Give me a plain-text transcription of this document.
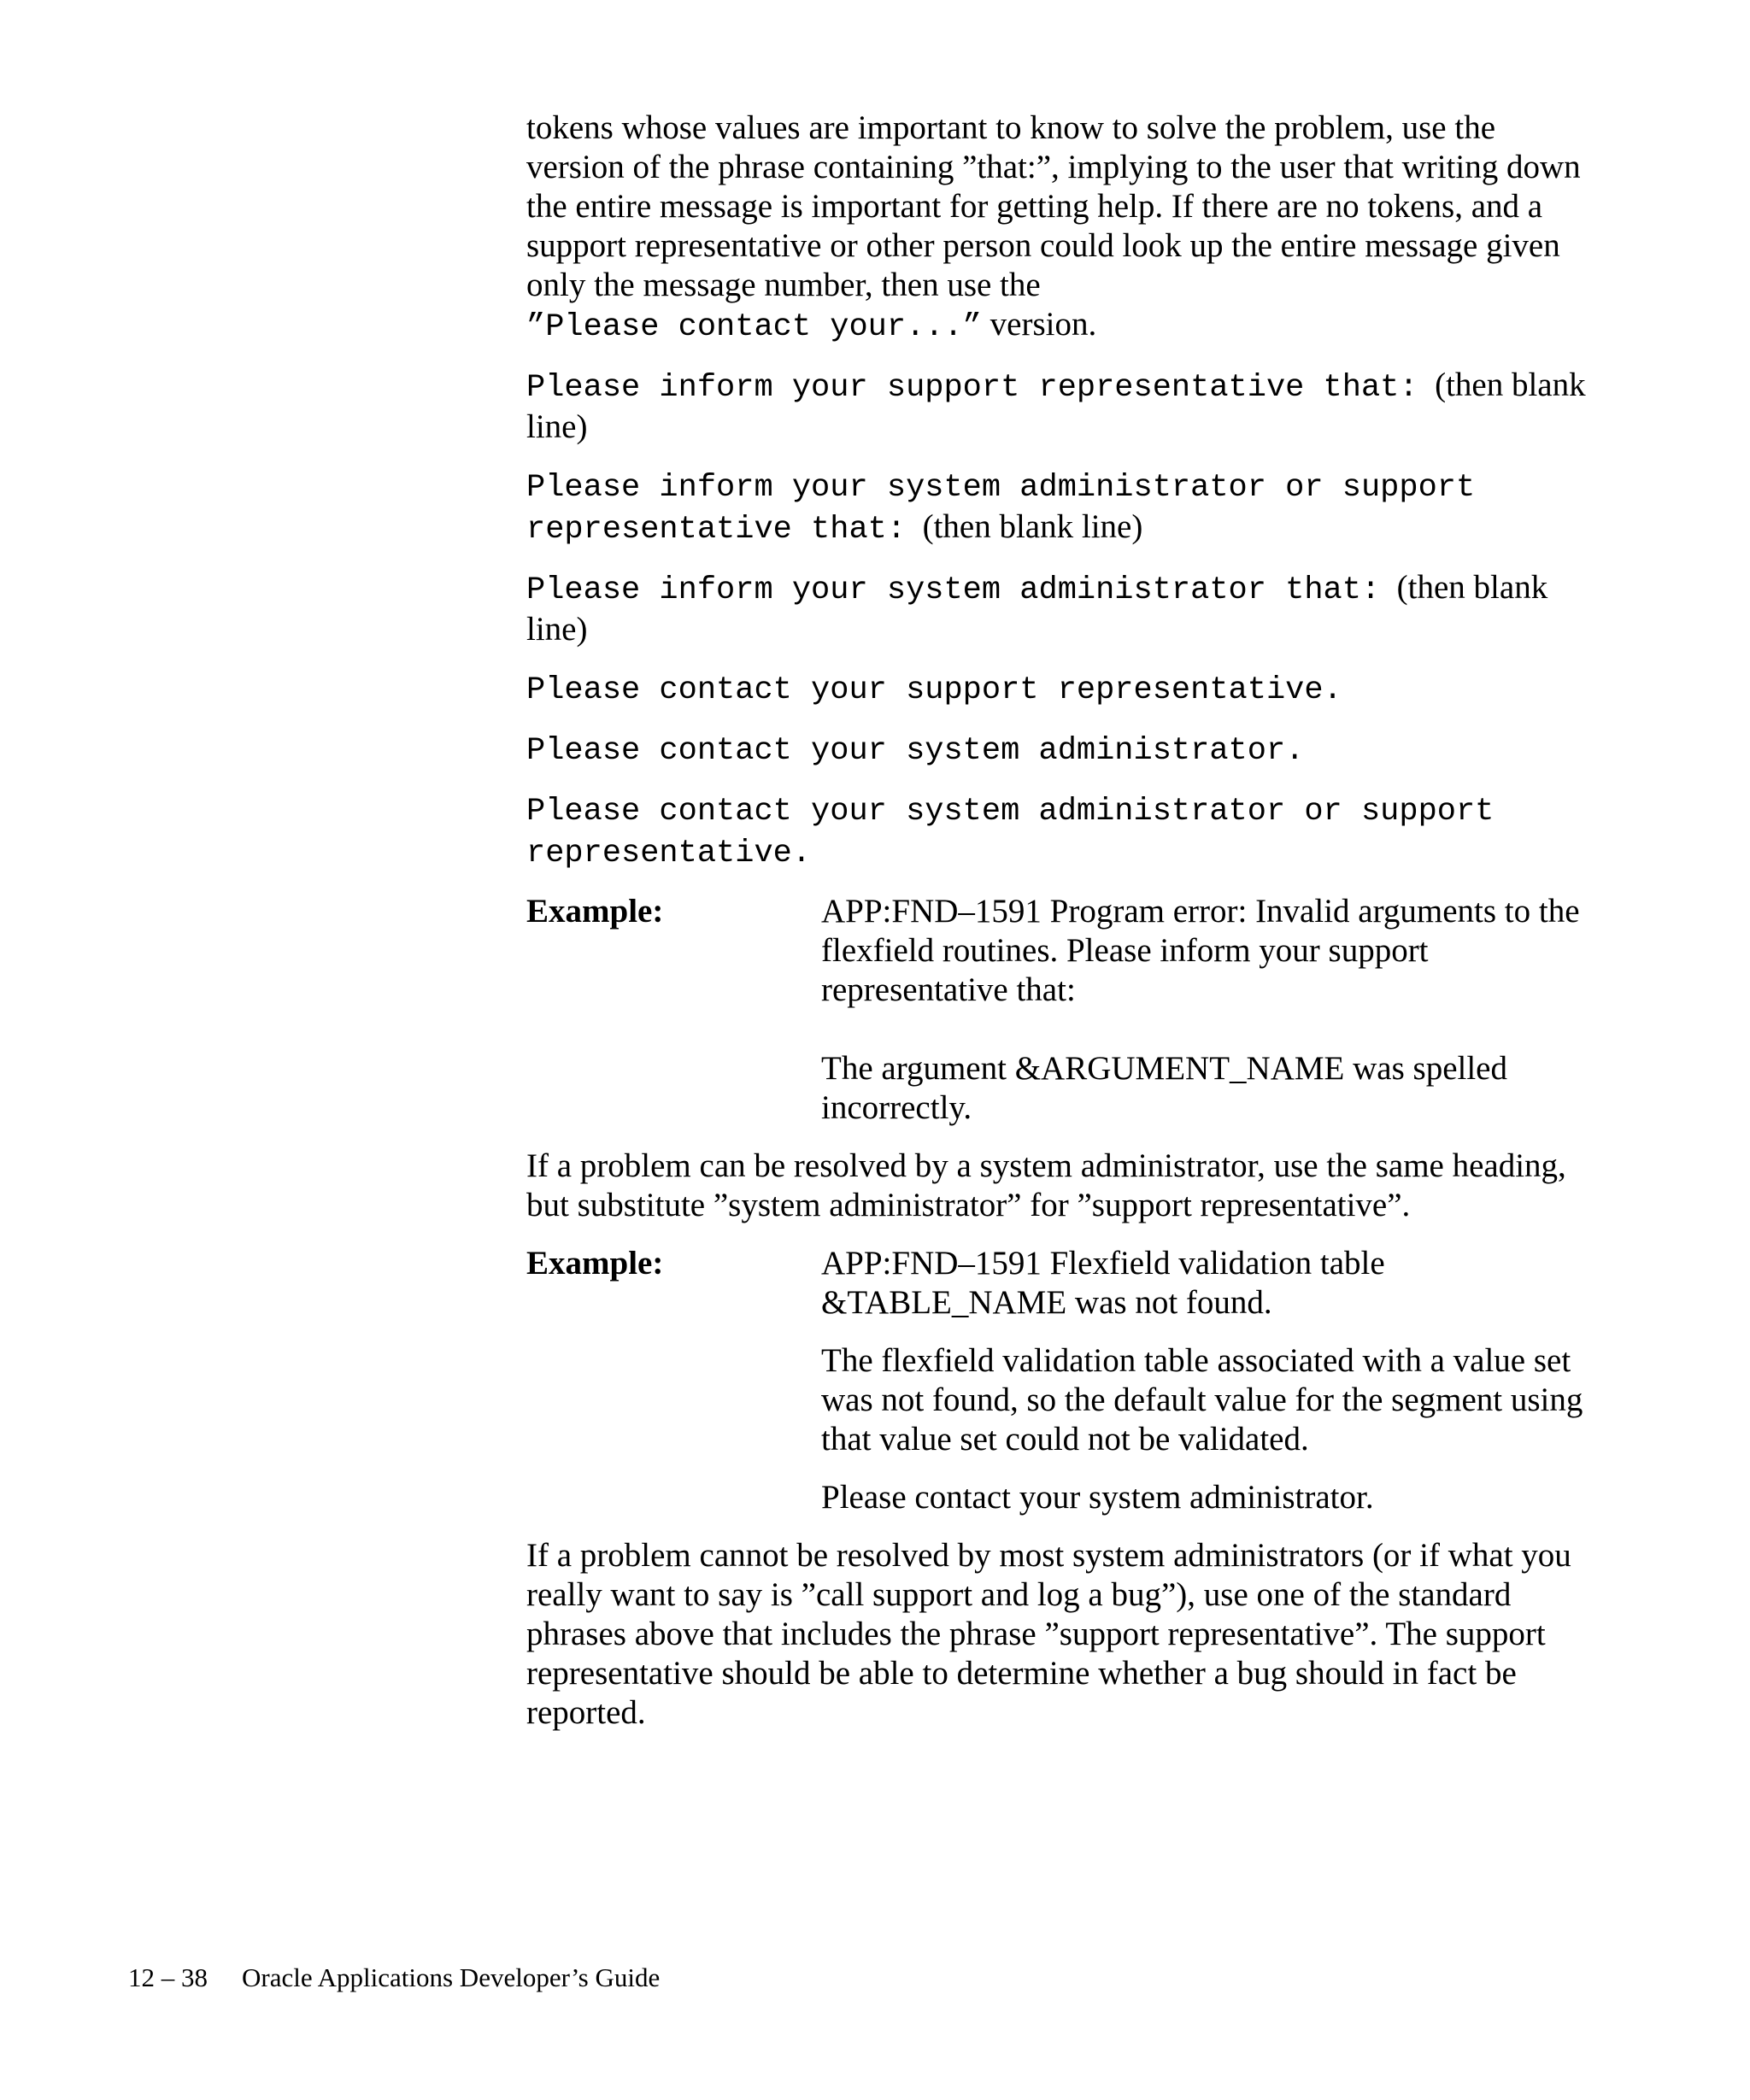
tokens whose values are important to know to solve the problem, use the version of the phrase containing ”that:”, implying to the user that writing down the entire message is important for getting help. If there are no tokens, and a support representative or other person could look up the entire message given only the message number, then use the
”Please contact your...” version.

Please inform your support representative that: (then blank line)

Please inform your system administrator or support representative that: (then blank line)

Please inform your system administrator that: (then blank line)

Please contact your support representative.

Please contact your system administrator.

Please contact your system administrator or support representative.

Example:	APP:FND–1591 Program error: Invalid arguments to the flexfield routines. Please inform your support representative that:

The argument &ARGUMENT_NAME was spelled incorrectly.

If a problem can be resolved by a system administrator, use the same heading, but substitute ”system administrator” for ”support representative”.

Example:	APP:FND–1591 Flexfield validation table &TABLE_NAME was not found.

The flexfield validation table associated with a value set was not found, so the default value for the segment using that value set could not be validated.

Please contact your system administrator.

If a problem cannot be resolved by most system administrators (or if what you really want to say is ”call support and log a bug”), use one of the standard phrases above that includes the phrase ”support representative”. The support representative should be able to determine whether a bug should in fact be reported.

12 – 38 Oracle Applications Developer’s Guide
